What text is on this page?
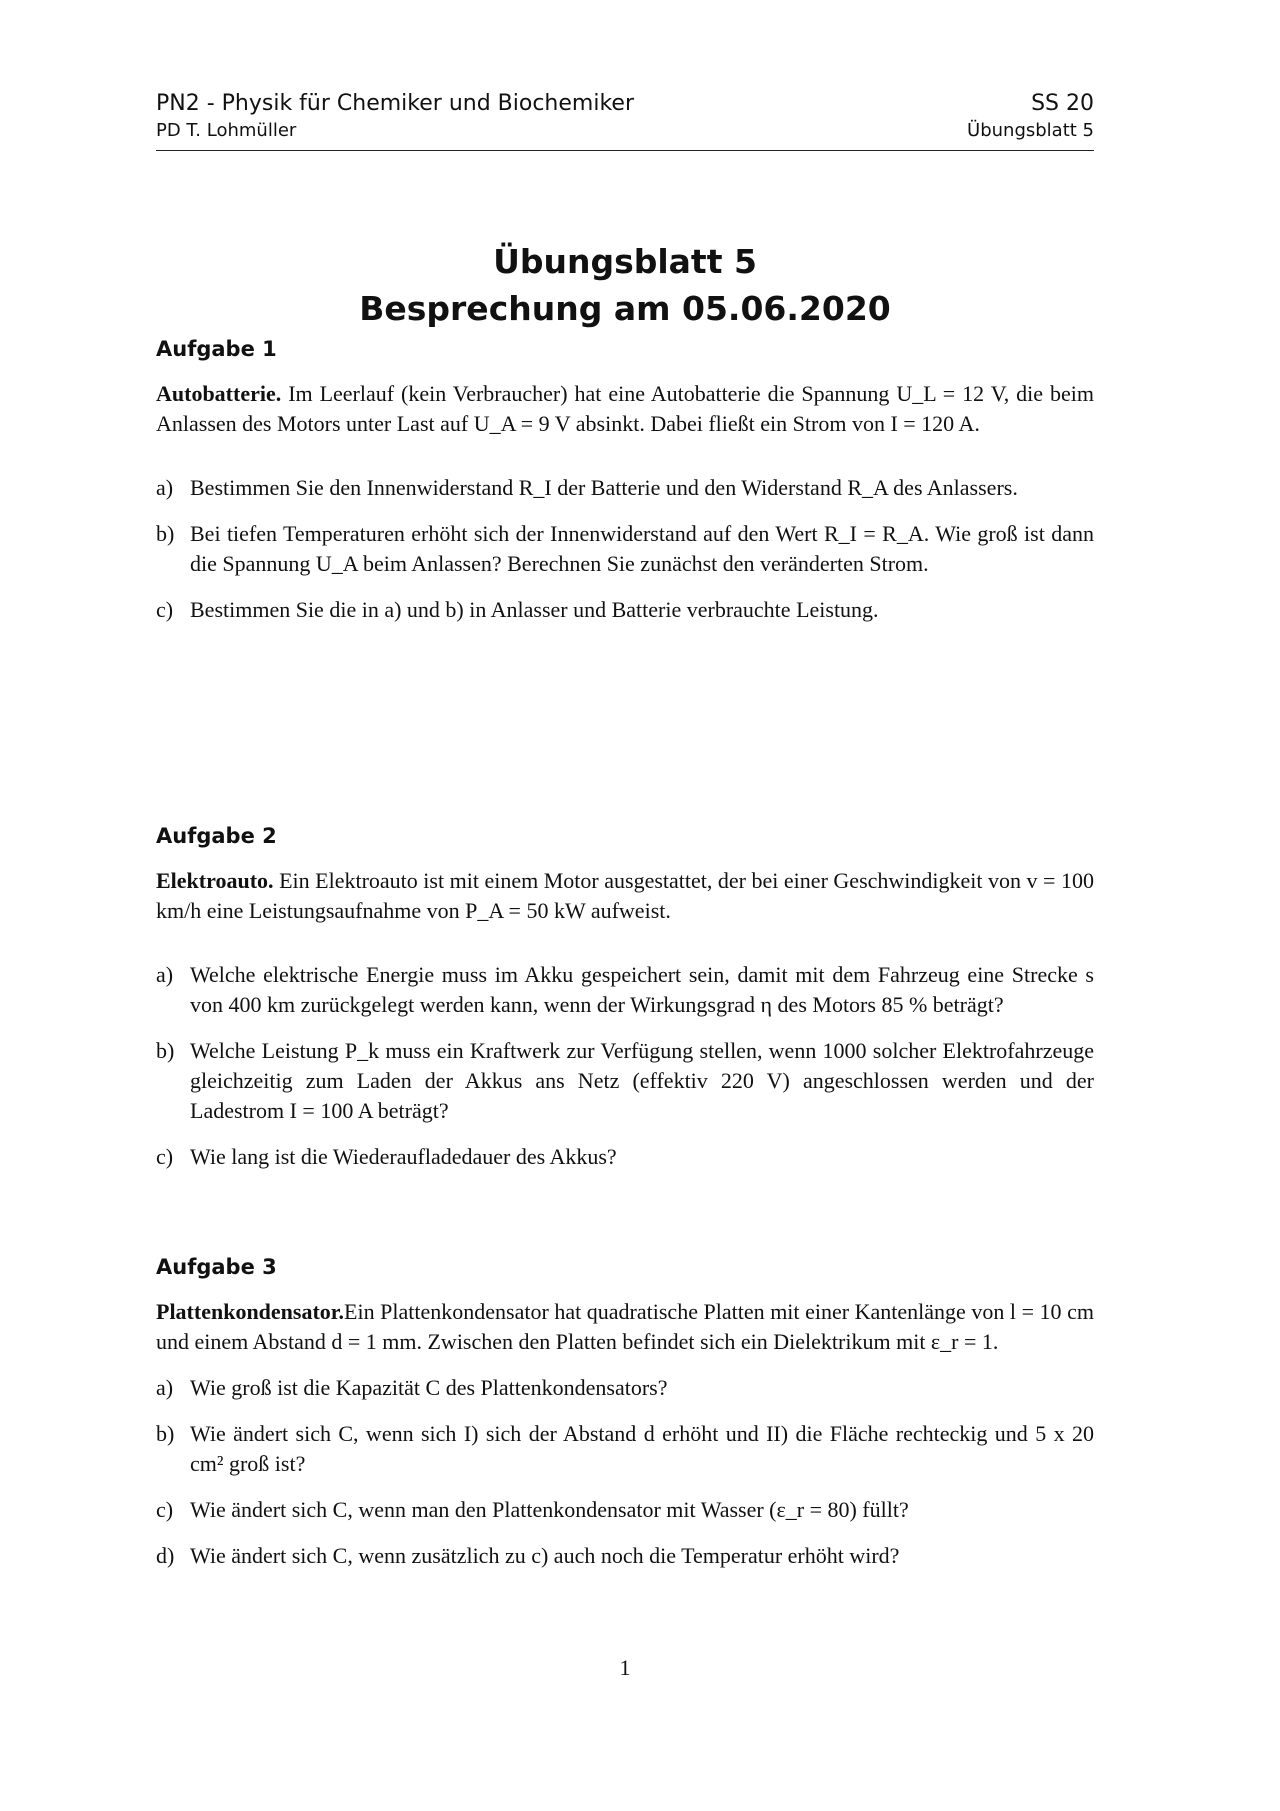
PN2 - Physik für Chemiker und Biochemiker
PD T. Lohmüller
SS 20
Übungsblatt 5
Übungsblatt 5
Besprechung am 05.06.2020
Aufgabe 1

Autobatterie. Im Leerlauf (kein Verbraucher) hat eine Autobatterie die Spannung U_L = 12 V, die beim Anlassen des Motors unter Last auf U_A = 9 V absinkt. Dabei fließt ein Strom von I = 120 A.

a) Bestimmen Sie den Innenwiderstand R_I der Batterie und den Widerstand R_A des Anlassers.
b) Bei tiefen Temperaturen erhöht sich der Innenwiderstand auf den Wert R_I = R_A. Wie groß ist dann die Spannung U_A beim Anlassen? Berechnen Sie zunächst den veränderten Strom.
c) Bestimmen Sie die in a) und b) in Anlasser und Batterie verbrauchte Leistung.
Aufgabe 2

Elektroauto. Ein Elektroauto ist mit einem Motor ausgestattet, der bei einer Geschwindigkeit von v = 100 km/h eine Leistungsaufnahme von P_A = 50 kW aufweist.

a) Welche elektrische Energie muss im Akku gespeichert sein, damit mit dem Fahrzeug eine Strecke s von 400 km zurückgelegt werden kann, wenn der Wirkungsgrad η des Motors 85 % beträgt?
b) Welche Leistung P_k muss ein Kraftwerk zur Verfügung stellen, wenn 1000 solcher Elektrofahrzeuge gleichzeitig zum Laden der Akkus ans Netz (effektiv 220 V) angeschlossen werden und der Ladestrom I = 100 A beträgt?
c) Wie lang ist die Wiederaufladedauer des Akkus?
Aufgabe 3

Plattenkondensator.Ein Plattenkondensator hat quadratische Platten mit einer Kantenlänge von l = 10 cm und einem Abstand d = 1 mm. Zwischen den Platten befindet sich ein Dielektrikum mit ε_r = 1.

a) Wie groß ist die Kapazität C des Plattenkondensators?
b) Wie ändert sich C, wenn sich I) sich der Abstand d erhöht und II) die Fläche rechteckig und 5 x 20 cm² groß ist?
c) Wie ändert sich C, wenn man den Plattenkondensator mit Wasser (ε_r = 80) füllt?
d) Wie ändert sich C, wenn zusätzlich zu c) auch noch die Temperatur erhöht wird?
1
